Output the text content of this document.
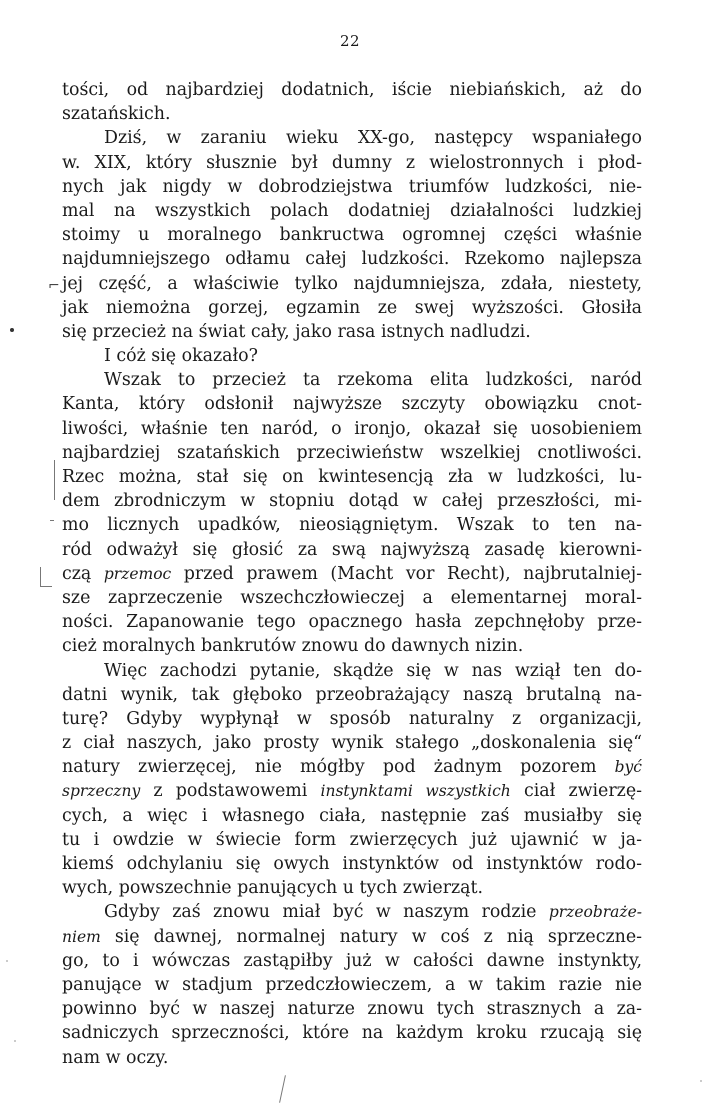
22
tości, od najbardziej dodatnich, iście niebiańskich, aż do
szatańskich.
Dziś, w zaraniu wieku XX-go, następcy wspaniałego
w. XIX, który słusznie był dumny z wielostronnych i płod-
nych jak nigdy w dobrodziejstwa triumfów ludzkości, nie-
mal na wszystkich polach dodatniej działalności ludzkiej
stoimy u moralnego bankructwa ogromnej części właśnie
najdumniejszego odłamu całej ludzkości. Rzekomo najlepsza
jej część, a właściwie tylko najdumniejsza, zdała, niestety,
jak niemożna gorzej, egzamin ze swej wyższości. Głosiła
się przecież na świat cały, jako rasa istnych nadludzi.
I cóż się okazało?
Wszak to przecież ta rzekoma elita ludzkości, naród
Kanta, który odsłonił najwyższe szczyty obowiązku cnot-
liwości, właśnie ten naród, o ironjo, okazał się uosobieniem
najbardziej szatańskich przeciwieństw wszelkiej cnotliwości.
Rzec można, stał się on kwintesencją zła w ludzkości, lu-
dem zbrodniczym w stopniu dotąd w całej przeszłości, mi-
mo licznych upadków, nieosiągniętym. Wszak to ten na-
ród odważył się głosić za swą najwyższą zasadę kierowni-
czą przemoc przed prawem (Macht vor Recht), najbrutalniej-
sze zaprzeczenie wszechczłowieczej a elementarnej moral-
ności. Zapanowanie tego opacznego hasła zepchnęłoby prze-
cież moralnych bankrutów znowu do dawnych nizin.
Więc zachodzi pytanie, skądże się w nas wziął ten do-
datni wynik, tak głęboko przeobrażający naszą brutalną na-
turę? Gdyby wypłynął w sposób naturalny z organizacji,
z ciał naszych, jako prosty wynik stałego „doskonalenia się“
natury zwierzęcej, nie mógłby pod żadnym pozorem być
sprzeczny z podstawowemi instynktami wszystkich ciał zwierzę-
cych, a więc i własnego ciała, następnie zaś musiałby się
tu i owdzie w świecie form zwierzęcych już ujawnić w ja-
kiemś odchylaniu się owych instynktów od instynktów rodo-
wych, powszechnie panujących u tych zwierząt.
Gdyby zaś znowu miał być w naszym rodzie przeobraże-
niem się dawnej, normalnej natury w coś z nią sprzeczne-
go, to i wówczas zastąpiłby już w całości dawne instynkty,
panujące w stadjum przedczłowieczem, a w takim razie nie
powinno być w naszej naturze znowu tych strasznych a za-
sadniczych sprzeczności, które na każdym kroku rzucają się
nam w oczy.
⌐
